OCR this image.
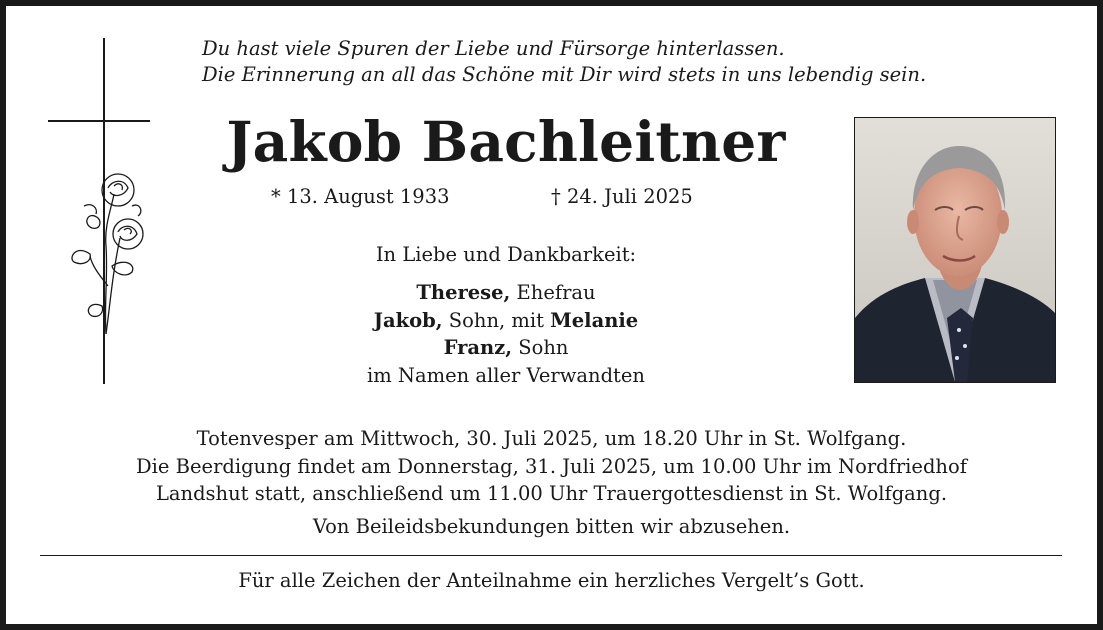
Du hast viele Spuren der Liebe und Fürsorge hinterlassen.
Die Erinnerung an all das Schöne mit Dir wird stets in uns lebendig sein.
Jakob Bachleitner
* 13. August 1933	† 24. Juli 2025
In Liebe und Dankbarkeit:
Therese, Ehefrau
Jakob, Sohn, mit Melanie
Franz, Sohn
im Namen aller Verwandten
Totenvesper am Mittwoch, 30. Juli 2025, um 18.20 Uhr in St. Wolfgang.
Die Beerdigung findet am Donnerstag, 31. Juli 2025, um 10.00 Uhr im Nordfriedhof
Landshut statt, anschließend um 11.00 Uhr Trauergottesdienst in St. Wolfgang.
Von Beileidsbekundungen bitten wir abzusehen.
Für alle Zeichen der Anteilnahme ein herzliches Vergelt’s Gott.
